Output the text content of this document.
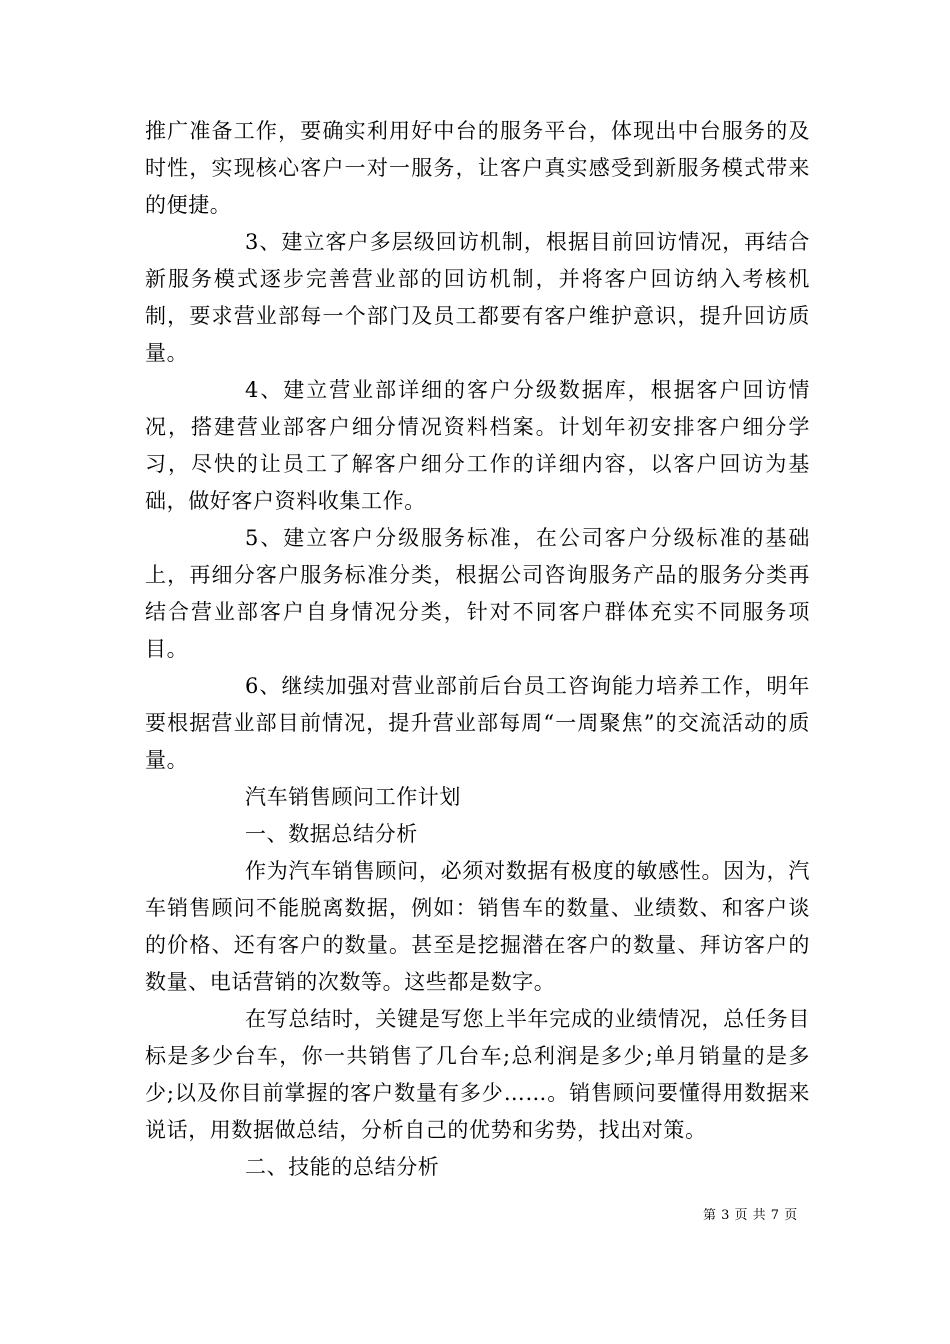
推广准备工作，要确实利用好中台的服务平台，体现出中台服务的及时性，实现核心客户一对一服务，让客户真实感受到新服务模式带来的便捷。

3、建立客户多层级回访机制，根据目前回访情况，再结合新服务模式逐步完善营业部的回访机制，并将客户回访纳入考核机制，要求营业部每一个部门及员工都要有客户维护意识，提升回访质量。

4、建立营业部详细的客户分级数据库，根据客户回访情况，搭建营业部客户细分情况资料档案。计划年初安排客户细分学习，尽快的让员工了解客户细分工作的详细内容，以客户回访为基础，做好客户资料收集工作。

5、建立客户分级服务标准，在公司客户分级标准的基础上，再细分客户服务标准分类，根据公司咨询服务产品的服务分类再结合营业部客户自身情况分类，针对不同客户群体充实不同服务项目。

6、继续加强对营业部前后台员工咨询能力培养工作，明年要根据营业部目前情况，提升营业部每周“一周聚焦”的交流活动的质量。

汽车销售顾问工作计划

一、数据总结分析

作为汽车销售顾问，必须对数据有极度的敏感性。因为，汽车销售顾问不能脱离数据，例如：销售车的数量、业绩数、和客户谈的价格、还有客户的数量。甚至是挖掘潜在客户的数量、拜访客户的数量、电话营销的次数等。这些都是数字。

在写总结时，关键是写您上半年完成的业绩情况，总任务目标是多少台车，你一共销售了几台车;总利润是多少;单月销量的是多少;以及你目前掌握的客户数量有多少……。销售顾问要懂得用数据来说话，用数据做总结，分析自己的优势和劣势，找出对策。

二、技能的总结分析

第 3 页 共 7 页
